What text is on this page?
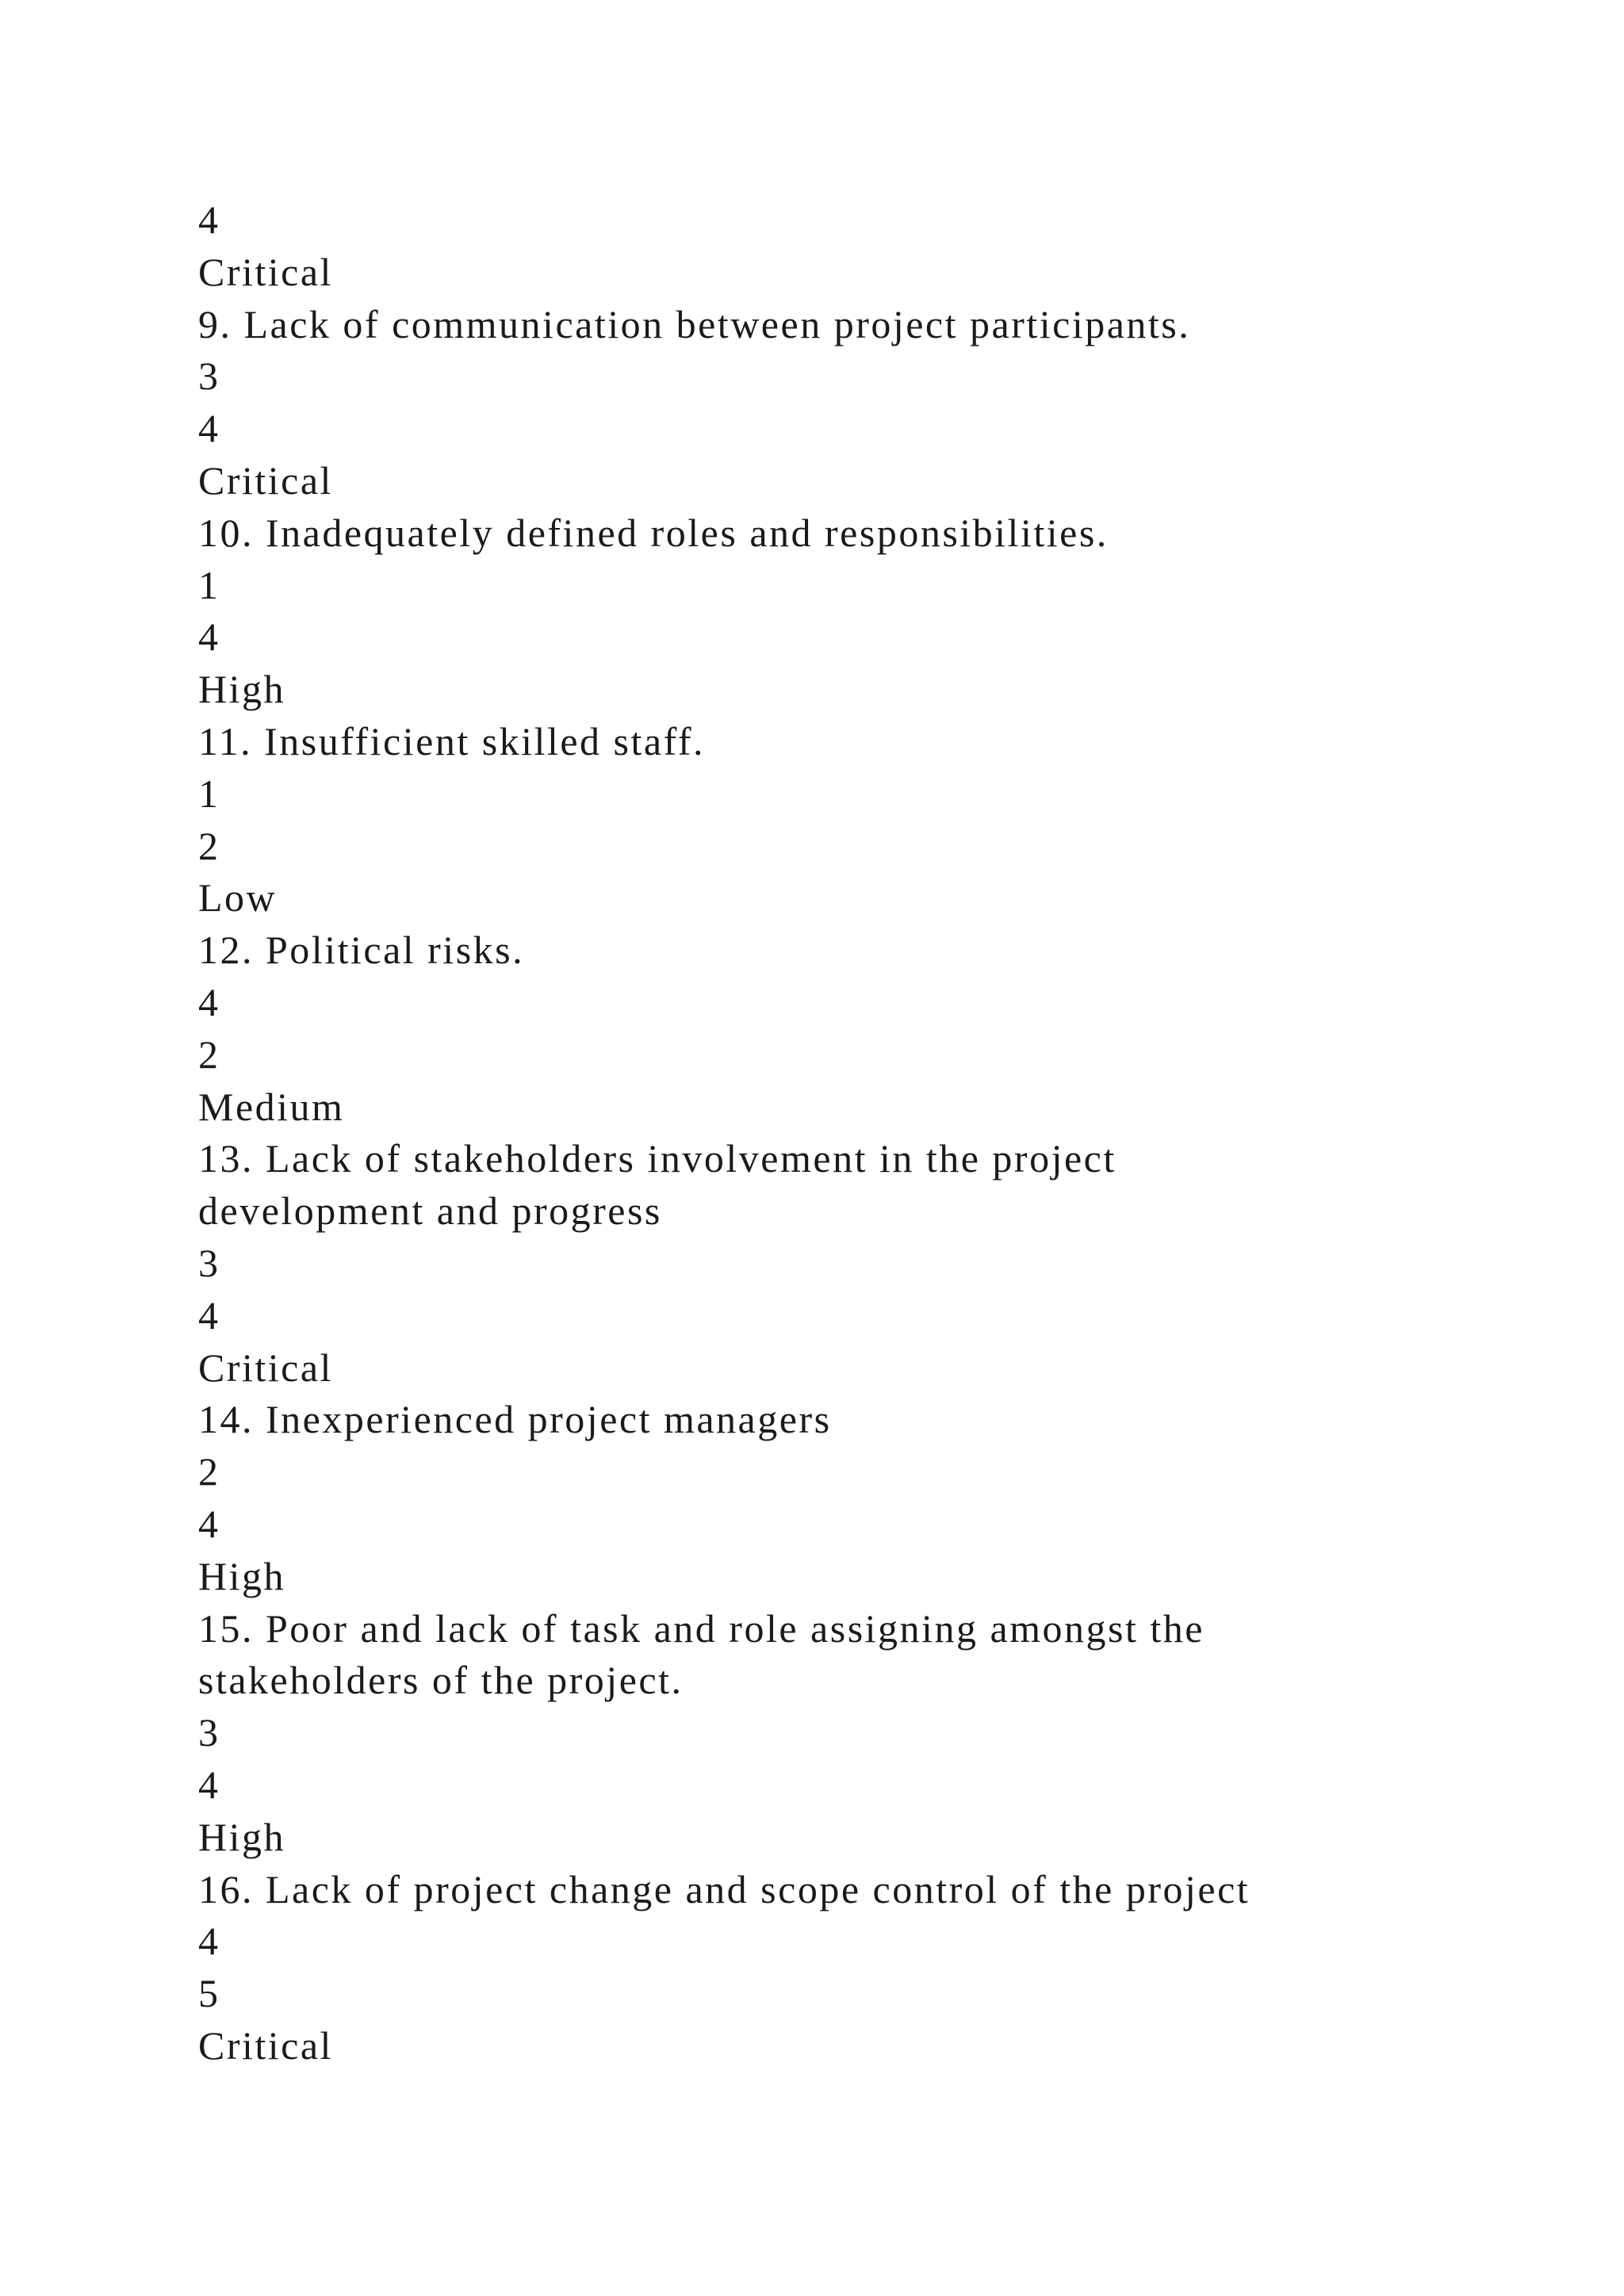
4
Critical
9. Lack of communication between project participants.
3
4
Critical
10. Inadequately defined roles and responsibilities.
1
4
High
11. Insufficient skilled staff.
1
2
Low
12. Political risks.
4
2
Medium
13. Lack of stakeholders involvement in the project
development and progress
3
4
Critical
14. Inexperienced project managers
2
4
High
15. Poor and lack of task and role assigning amongst the
stakeholders of the project.
3
4
High
16. Lack of project change and scope control of the project
4
5
Critical
